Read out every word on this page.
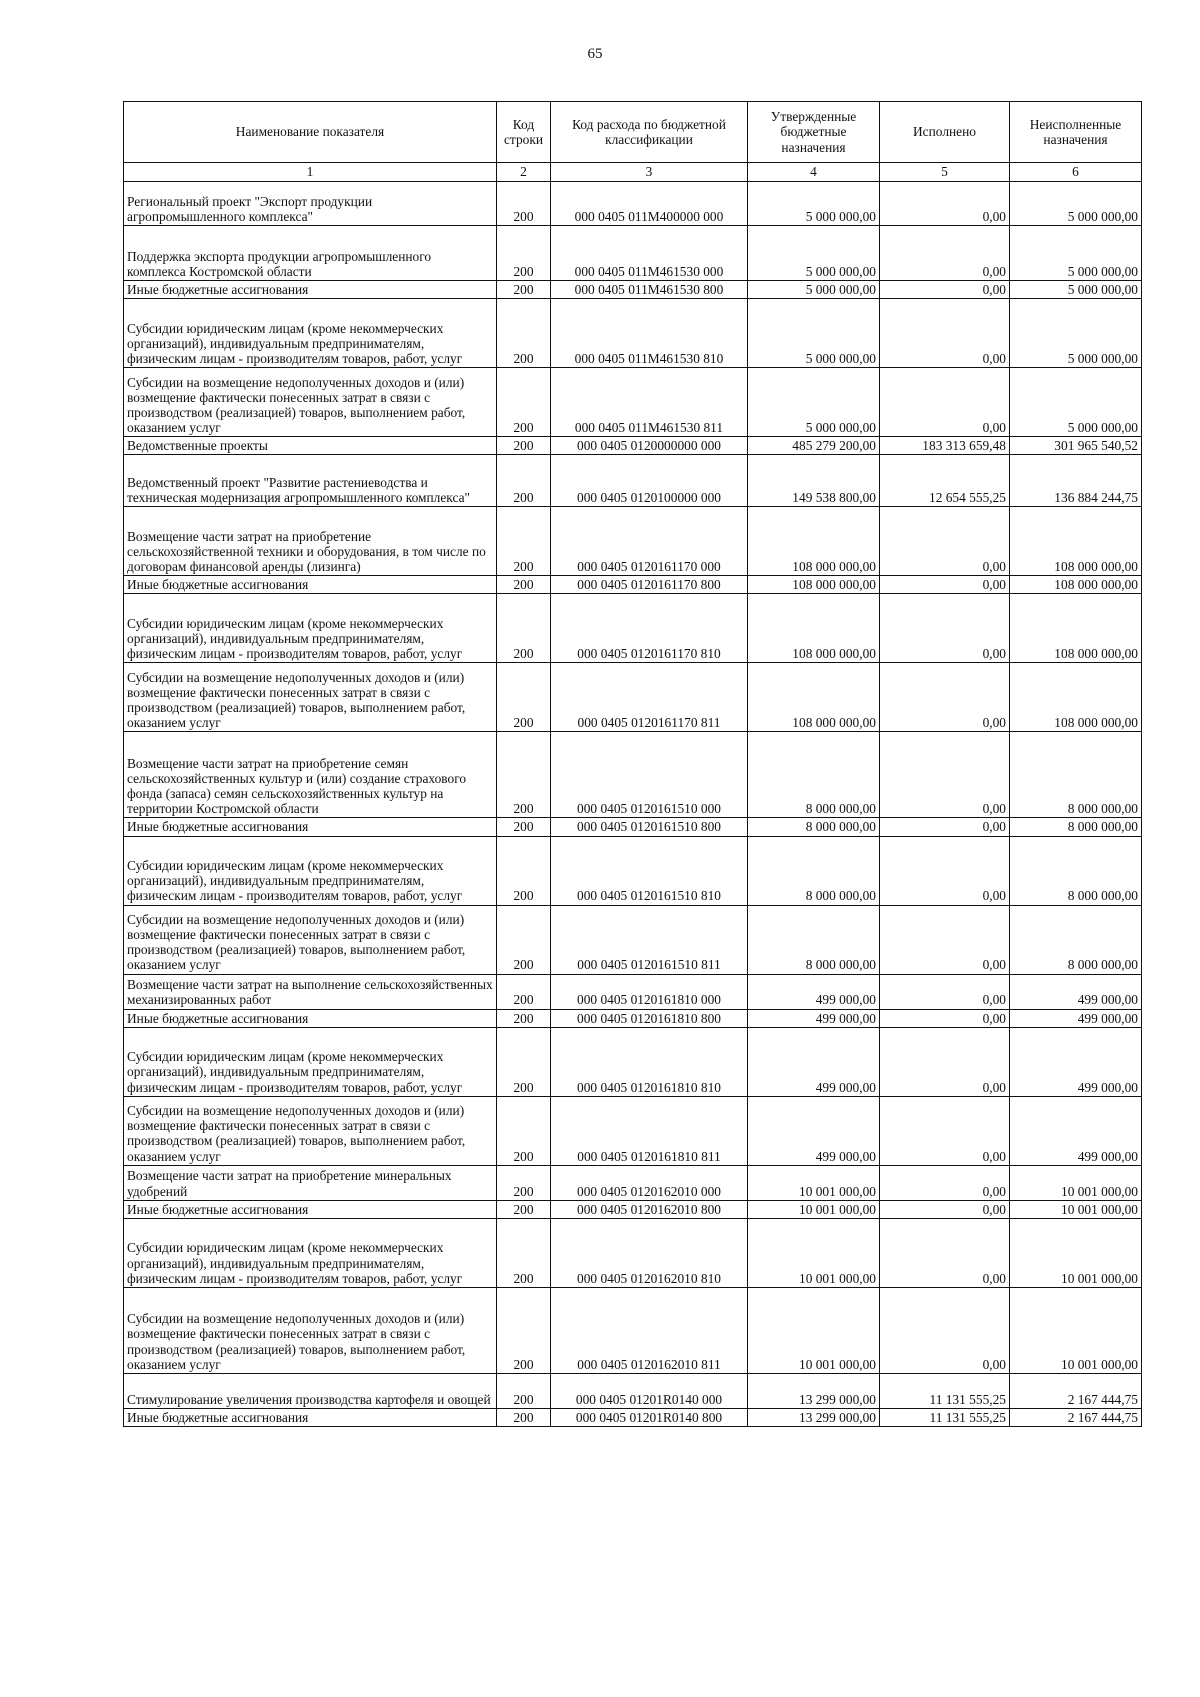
65
Наименование показателя	Код строки	Код расхода по бюджетной классификации	Утвержденные бюджетные назначения	Исполнено	Неисполненные назначения
1	2	3	4	5	6
Региональный проект "Экспорт продукции агропромышленного комплекса"	200	000 0405 011M400000 000	5 000 000,00	0,00	5 000 000,00
Поддержка экспорта продукции агропромышленного комплекса Костромской области	200	000 0405 011M461530 000	5 000 000,00	0,00	5 000 000,00
Иные бюджетные ассигнования	200	000 0405 011M461530 800	5 000 000,00	0,00	5 000 000,00
Субсидии юридическим лицам (кроме некоммерческих организаций), индивидуальным предпринимателям, физическим лицам - производителям товаров, работ, услуг	200	000 0405 011M461530 810	5 000 000,00	0,00	5 000 000,00
Субсидии на возмещение недополученных доходов и (или) возмещение фактически понесенных затрат в связи с производством (реализацией) товаров, выполнением работ, оказанием услуг	200	000 0405 011M461530 811	5 000 000,00	0,00	5 000 000,00
Ведомственные проекты	200	000 0405 0120000000 000	485 279 200,00	183 313 659,48	301 965 540,52
Ведомственный проект "Развитие растениеводства и техническая модернизация агропромышленного комплекса"	200	000 0405 0120100000 000	149 538 800,00	12 654 555,25	136 884 244,75
Возмещение части затрат на приобретение сельскохозяйственной техники и оборудования, в том числе по договорам финансовой аренды (лизинга)	200	000 0405 0120161170 000	108 000 000,00	0,00	108 000 000,00
Иные бюджетные ассигнования	200	000 0405 0120161170 800	108 000 000,00	0,00	108 000 000,00
Субсидии юридическим лицам (кроме некоммерческих организаций), индивидуальным предпринимателям, физическим лицам - производителям товаров, работ, услуг	200	000 0405 0120161170 810	108 000 000,00	0,00	108 000 000,00
Субсидии на возмещение недополученных доходов и (или) возмещение фактически понесенных затрат в связи с производством (реализацией) товаров, выполнением работ, оказанием услуг	200	000 0405 0120161170 811	108 000 000,00	0,00	108 000 000,00
Возмещение части затрат на приобретение семян сельскохозяйственных культур и (или) создание страхового фонда (запаса) семян сельскохозяйственных культур на территории Костромской области	200	000 0405 0120161510 000	8 000 000,00	0,00	8 000 000,00
Иные бюджетные ассигнования	200	000 0405 0120161510 800	8 000 000,00	0,00	8 000 000,00
Субсидии юридическим лицам (кроме некоммерческих организаций), индивидуальным предпринимателям, физическим лицам - производителям товаров, работ, услуг	200	000 0405 0120161510 810	8 000 000,00	0,00	8 000 000,00
Субсидии на возмещение недополученных доходов и (или) возмещение фактически понесенных затрат в связи с производством (реализацией) товаров, выполнением работ, оказанием услуг	200	000 0405 0120161510 811	8 000 000,00	0,00	8 000 000,00
Возмещение части затрат на выполнение сельскохозяйственных механизированных работ	200	000 0405 0120161810 000	499 000,00	0,00	499 000,00
Иные бюджетные ассигнования	200	000 0405 0120161810 800	499 000,00	0,00	499 000,00
Субсидии юридическим лицам (кроме некоммерческих организаций), индивидуальным предпринимателям, физическим лицам - производителям товаров, работ, услуг	200	000 0405 0120161810 810	499 000,00	0,00	499 000,00
Субсидии на возмещение недополученных доходов и (или) возмещение фактически понесенных затрат в связи с производством (реализацией) товаров, выполнением работ, оказанием услуг	200	000 0405 0120161810 811	499 000,00	0,00	499 000,00
Возмещение части затрат на приобретение минеральных удобрений	200	000 0405 0120162010 000	10 001 000,00	0,00	10 001 000,00
Иные бюджетные ассигнования	200	000 0405 0120162010 800	10 001 000,00	0,00	10 001 000,00
Субсидии юридическим лицам (кроме некоммерческих организаций), индивидуальным предпринимателям, физическим лицам - производителям товаров, работ, услуг	200	000 0405 0120162010 810	10 001 000,00	0,00	10 001 000,00
Субсидии на возмещение недополученных доходов и (или) возмещение фактически понесенных затрат в связи с производством (реализацией) товаров, выполнением работ, оказанием услуг	200	000 0405 0120162010 811	10 001 000,00	0,00	10 001 000,00
Стимулирование увеличения производства картофеля и овощей	200	000 0405 01201R0140 000	13 299 000,00	11 131 555,25	2 167 444,75
Иные бюджетные ассигнования	200	000 0405 01201R0140 800	13 299 000,00	11 131 555,25	2 167 444,75
